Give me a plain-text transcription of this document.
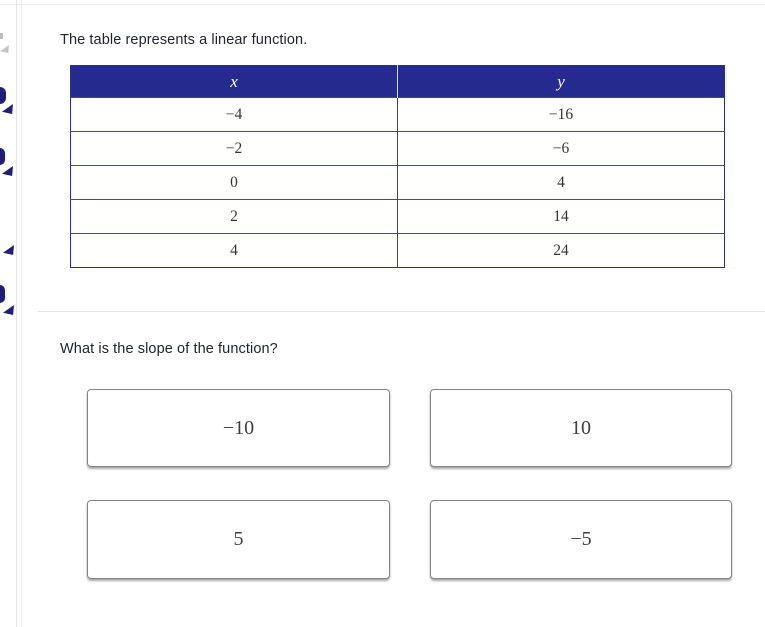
The table represents a linear function.
x	y
−4	−16
−2	−6
0	4
2	14
4	24
What is the slope of the function?
−10	10
5	−5
